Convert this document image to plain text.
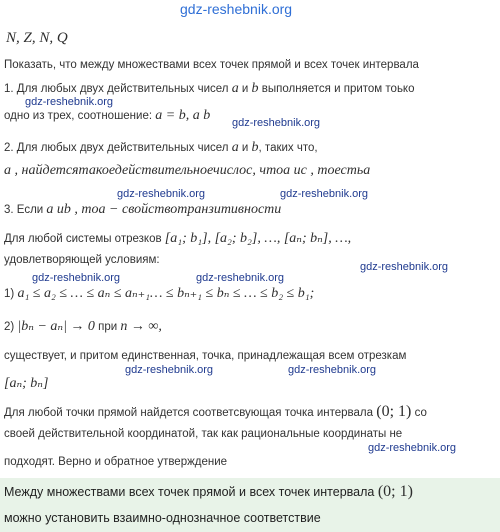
gdz-reshebnik.org
N, Z, N, Q
Показать, что между множествами всех точек прямой и всех точек интервала
1. Для любых двух действительных чисел a и b выполняется и притом тоько
gdz-reshebnik.org
одно из трех, соотношение: a = b, a b gdz-reshebnik.org
2. Для любых двух действительных чисел a и b, таких что,
a , найдетсятакоедействительноечислос, чтоa ис , тоестьа
gdz-reshebnik.org	gdz-reshebnik.org
3. Если a ub , тоа − свойствотранзитивности
Для любой системы отрезков [a₁; b₁], [a₂; b₂], …, [aₙ; bₙ], …,
удовлетворяющей условиям:
gdz-reshebnik.org
gdz-reshebnik.org	gdz-reshebnik.org
1) a₁ ≤ a₂ ≤ … ≤ aₙ ≤ aₙ₊₁… ≤ bₙ₊₁ ≤ bₙ ≤ … ≤ b₂ ≤ b₁;
2) |bₙ − aₙ| → 0 при n → ∞,
существует, и притом единственная, точка, принадлежащая всем отрезкам
gdz-reshebnik.org	gdz-reshebnik.org
[aₙ; bₙ]
Для любой точки прямой найдется соответсвующая точка интервала (0; 1) со
своей действительной координатой, так как рациональные координаты не
gdz-reshebnik.org
подходят. Верно и обратное утверждение
Между множествами всех точек прямой и всех точек интервала (0; 1)
можно установить взаимно-однозначное соответствие
